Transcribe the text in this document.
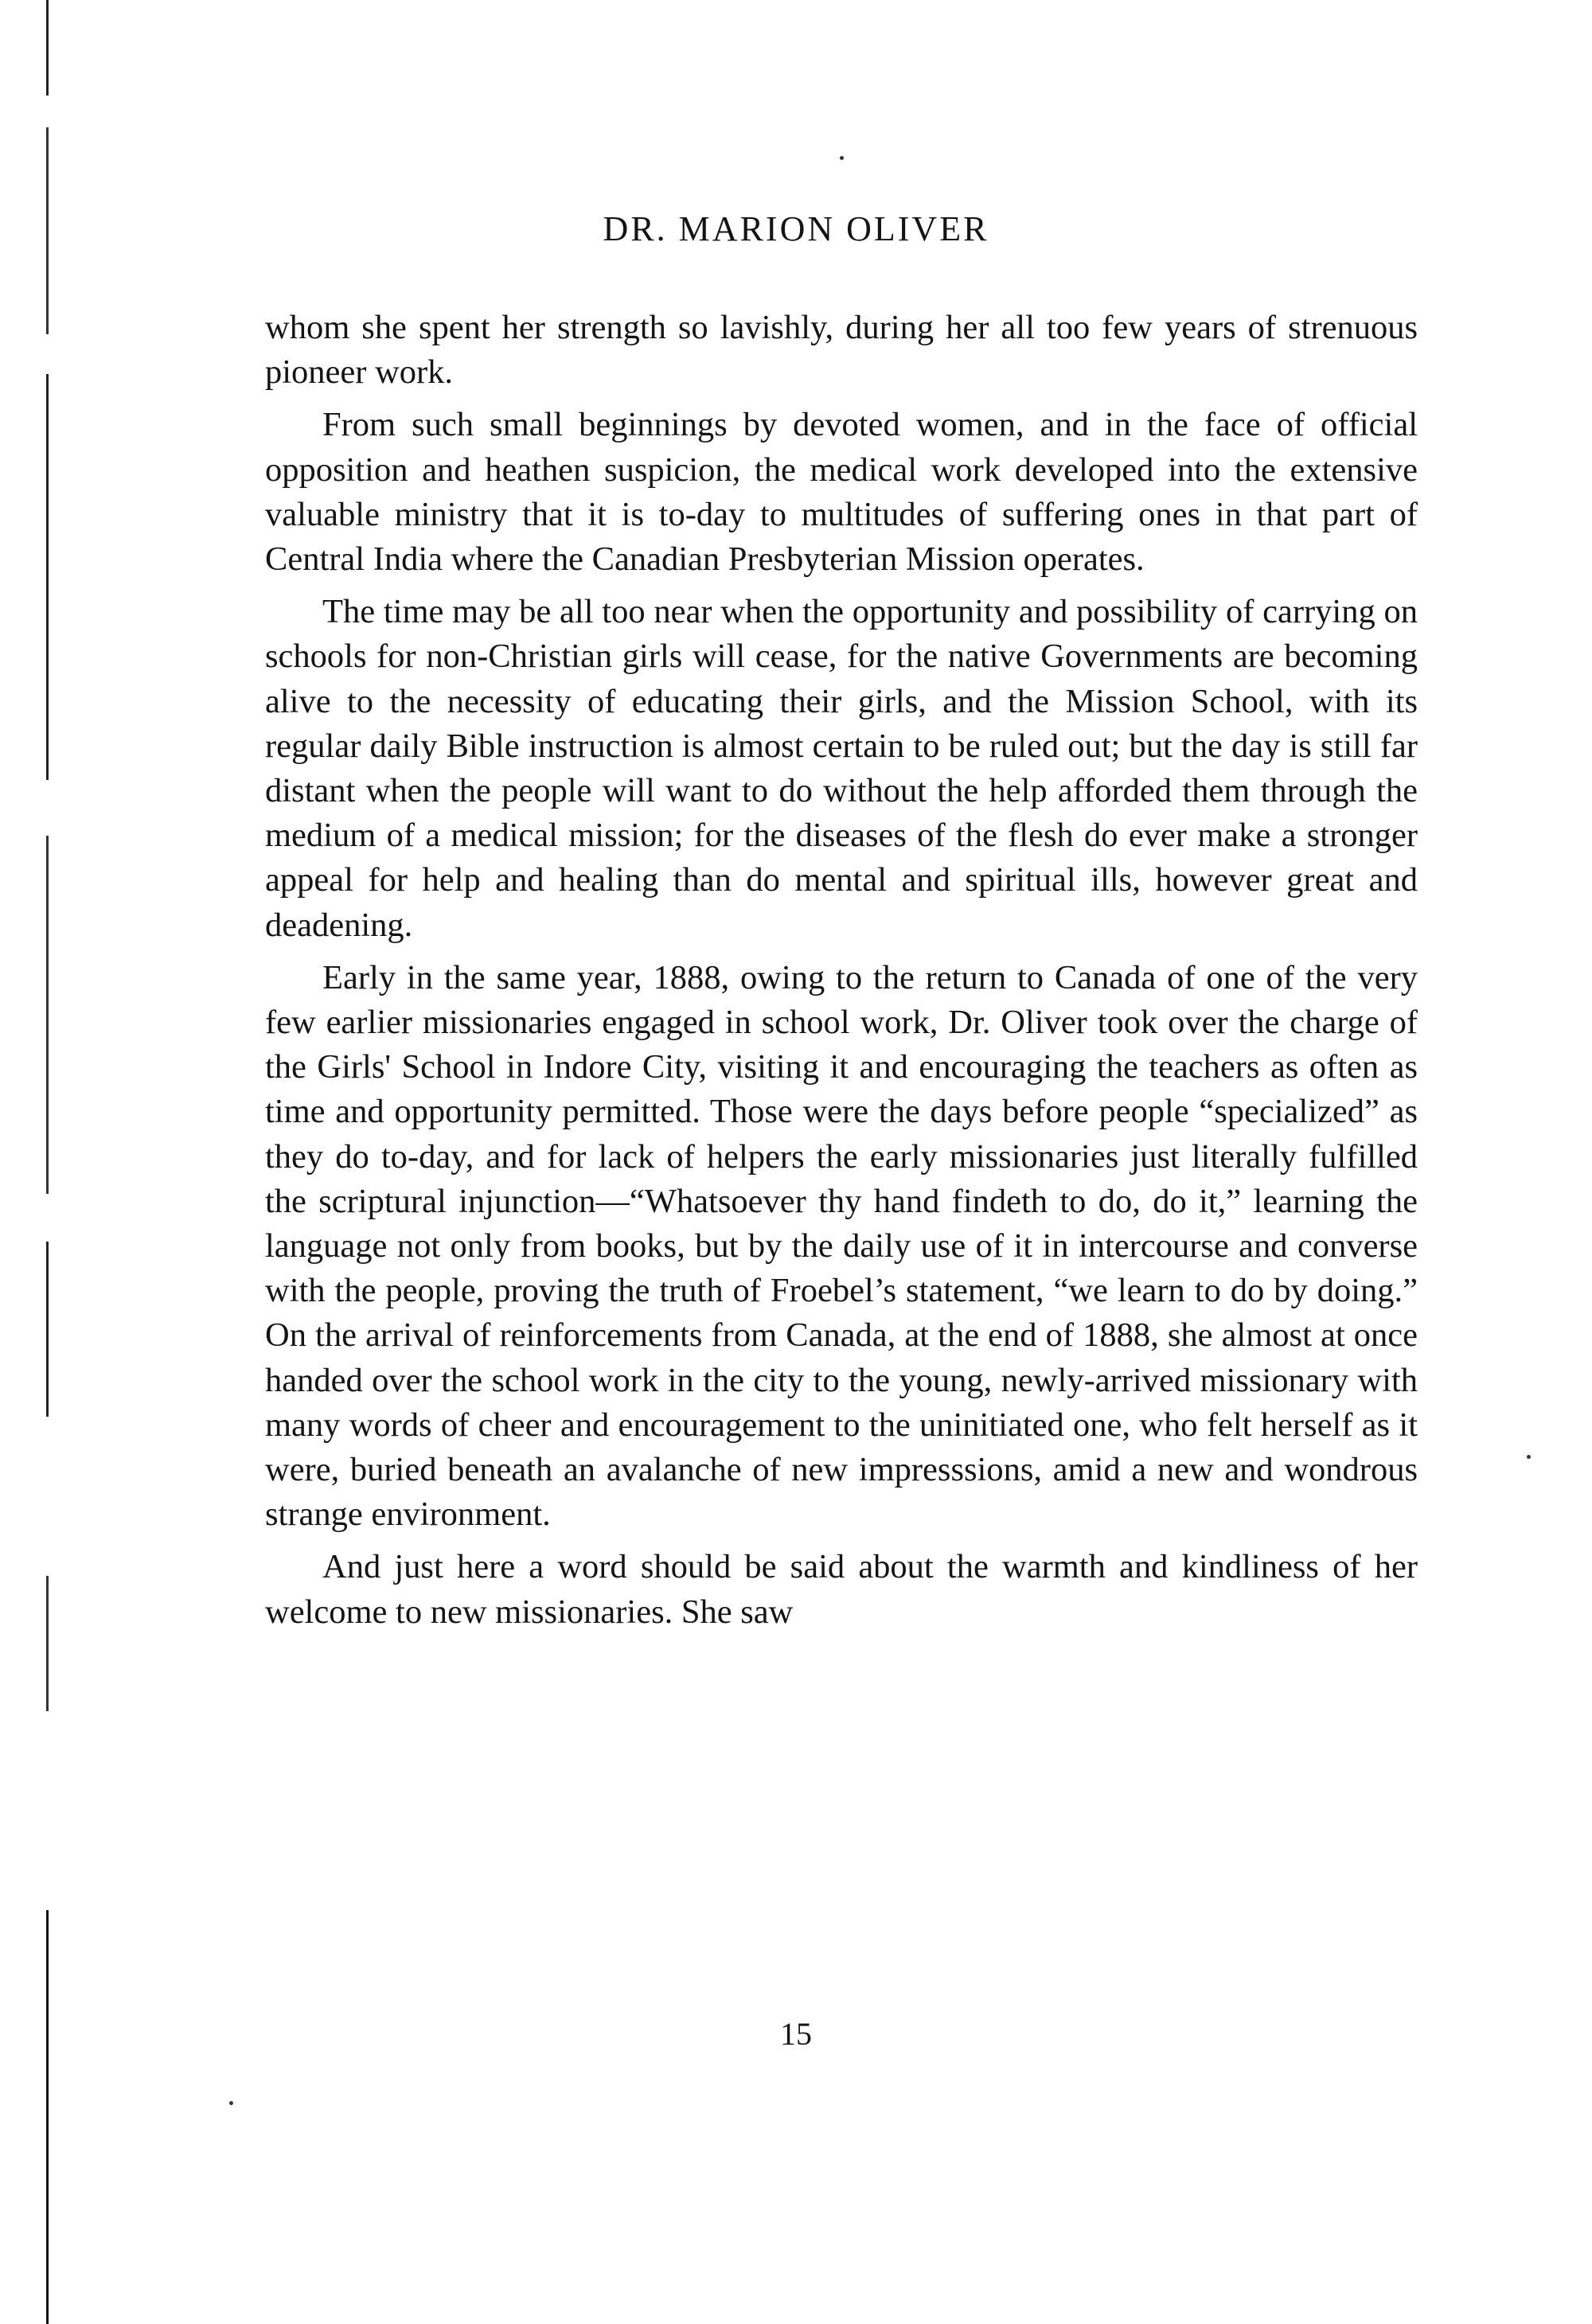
DR. MARION OLIVER

whom she spent her strength so lavishly, during her all too few years of strenuous pioneer work.

From such small beginnings by devoted women, and in the face of official opposition and heathen suspicion, the medical work developed into the extensive valuable ministry that it is to-day to multitudes of suffering ones in that part of Central India where the Canadian Presbyterian Mission operates.

The time may be all too near when the opportunity and possibility of carrying on schools for non-Christian girls will cease, for the native Governments are becoming alive to the necessity of educating their girls, and the Mission School, with its regular daily Bible instruction is almost certain to be ruled out; but the day is still far distant when the people will want to do without the help afforded them through the medium of a medical mission; for the diseases of the flesh do ever make a stronger appeal for help and healing than do mental and spiritual ills, however great and deadening.

Early in the same year, 1888, owing to the return to Canada of one of the very few earlier missionaries engaged in school work, Dr. Oliver took over the charge of the Girls' School in Indore City, visiting it and encouraging the teachers as often as time and opportunity permitted. Those were the days before people “specialized” as they do to-day, and for lack of helpers the early missionaries just literally fulfilled the scriptural injunction—“Whatsoever thy hand findeth to do, do it,” learning the language not only from books, but by the daily use of it in intercourse and converse with the people, proving the truth of Froebel’s statement, “we learn to do by doing.” On the arrival of reinforcements from Canada, at the end of 1888, she almost at once handed over the school work in the city to the young, newly-arrived missionary with many words of cheer and encouragement to the uninitiated one, who felt herself as it were, buried beneath an avalanche of new impresssions, amid a new and wondrous strange environment.

And just here a word should be said about the warmth and kindliness of her welcome to new missionaries. She saw

15
